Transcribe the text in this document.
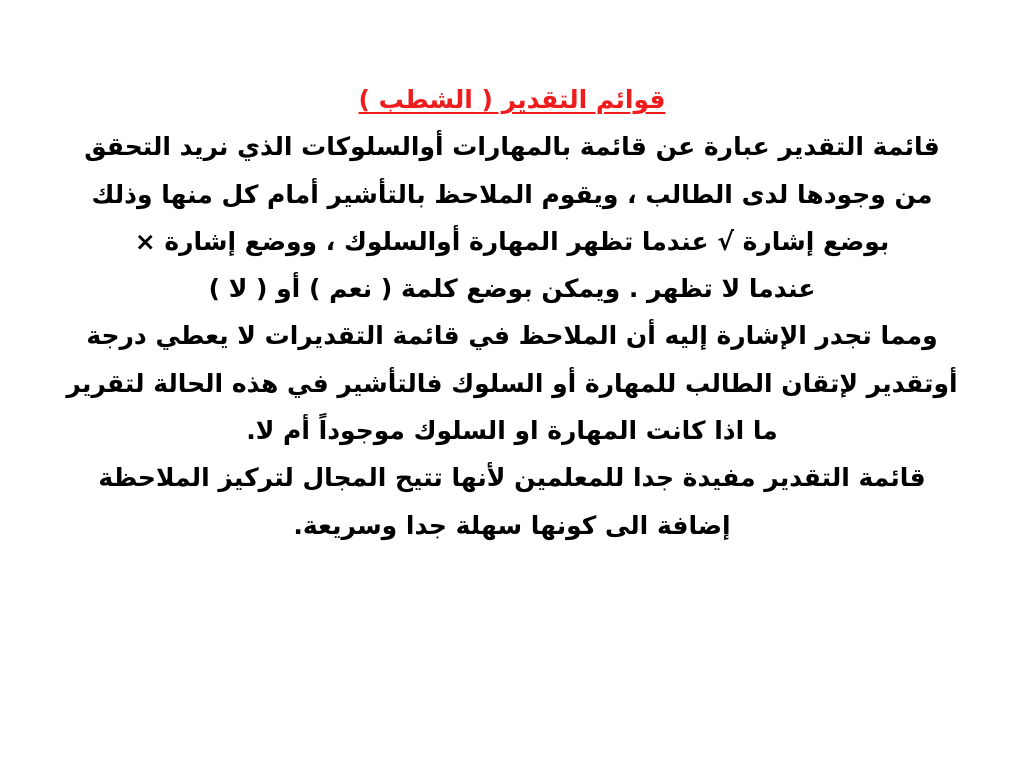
قوائم التقدير ( الشطب )
قائمة التقدير عبارة عن قائمة بالمهارات أوالسلوكات الذي نريد التحقق
من وجودها لدى الطالب ، ويقوم الملاحظ بالتأشير أمام كل منها وذلك
بوضع إشارة √ عندما تظهر المهارة أوالسلوك ، ووضع إشارة ×
عندما لا تظهر . ويمكن بوضع كلمة ( نعم ) أو ( لا )
ومما تجدر الإشارة إليه أن الملاحظ في قائمة التقديرات لا يعطي درجة
أوتقدير لإتقان الطالب للمهارة أو السلوك فالتأشير في هذه الحالة لتقرير
ما اذا كانت المهارة او السلوك موجوداً أم لا.
قائمة التقدير مفيدة جدا للمعلمين لأنها تتيح المجال لتركيز الملاحظة
إضافة الى كونها سهلة جدا وسريعة.
